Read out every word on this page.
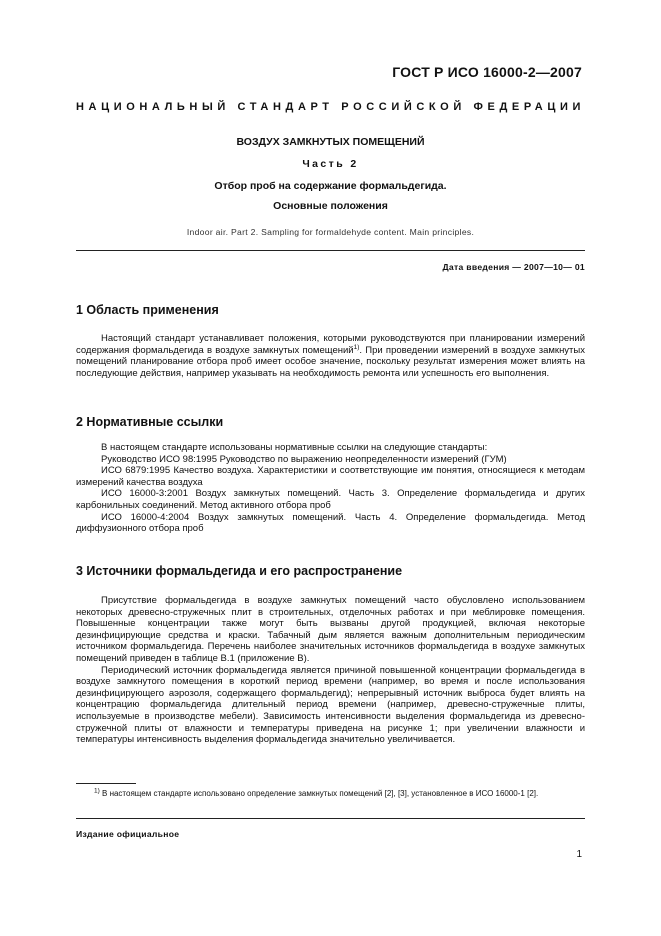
ГОСТ Р ИСО 16000-2—2007
НАЦИОНАЛЬНЫЙ СТАНДАРТ РОССИЙСКОЙ ФЕДЕРАЦИИ
ВОЗДУХ ЗАМКНУТЫХ ПОМЕЩЕНИЙ
Часть 2
Отбор проб на содержание формальдегида.
Основные положения
Indoor air. Part 2. Sampling for formaldehyde content. Main principles.
Дата введения — 2007—10— 01
1 Область применения

Настоящий стандарт устанавливает положения, которыми руководствуются при планировании измерений содержания формальдегида в воздухе замкнутых помещений$^{1)}$. При проведении измерений в воздухе замкнутых помещений планирование отбора проб имеет особое значение, поскольку результат измерения может влиять на последующие действия, например указывать на необходимость ремонта или успешность его выполнения.

2 Нормативные ссылки

В настоящем стандарте использованы нормативные ссылки на следующие стандарты:

Руководство ИСО 98:1995 Руководство по выражению неопределенности измерений (ГУМ)

ИСО 6879:1995 Качество воздуха. Характеристики и соответствующие им понятия, относящиеся к методам измерений качества воздуха

ИСО 16000-3:2001 Воздух замкнутых помещений. Часть 3. Определение формальдегида и других карбонильных соединений. Метод активного отбора проб

ИСО 16000-4:2004 Воздух замкнутых помещений. Часть 4. Определение формальдегида. Метод диффузионного отбора проб

3 Источники формальдегида и его распространение

Присутствие формальдегида в воздухе замкнутых помещений часто обусловлено использованием некоторых древесно-стружечных плит в строительных, отделочных работах и при меблировке помещения. Повышенные концентрации также могут быть вызваны другой продукцией, включая некоторые дезинфицирующие средства и краски. Табачный дым является важным дополнительным периодическим источником формальдегида. Перечень наиболее значительных источников формальдегида в воздухе замкнутых помещений приведен в таблице В.1 (приложение В).

Периодический источник формальдегида является причиной повышенной концентрации формальдегида в воздухе замкнутого помещения в короткий период времени (например, во время и после использования дезинфицирующего аэрозоля, содержащего формальдегид); непрерывный источник выброса будет влиять на концентрацию формальдегида длительный период времени (например, древесно-стружечные плиты, используемые в производстве мебели). Зависимость интенсивности выделения формальдегида из древесно-стружечной плиты от влажности и температуры приведена на рисунке 1; при увеличении влажности и температуры интенсивность выделения формальдегида значительно увеличивается.

$^{1)}$ В настоящем стандарте использовано определение замкнутых помещений [2], [3], установленное в ИСО 16000-1 [2].

Издание официальное
1
